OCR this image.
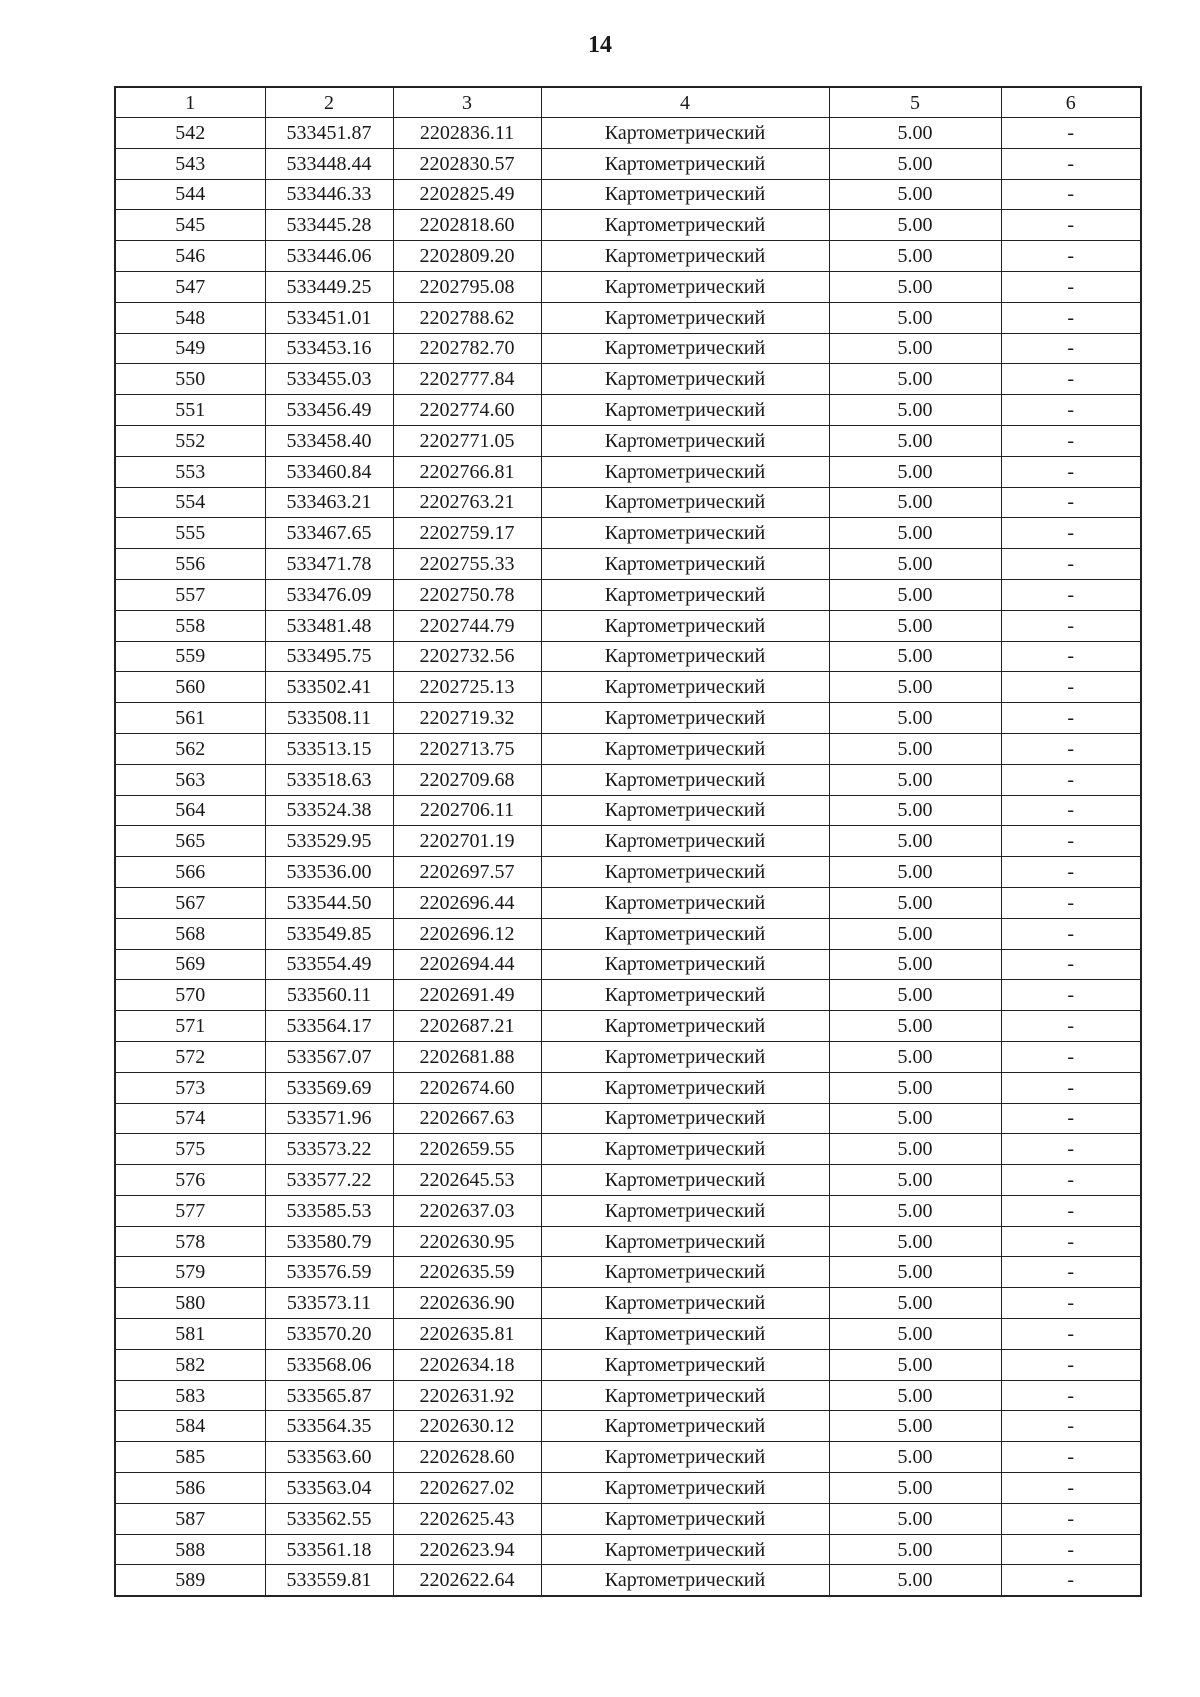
14
1	2	3	4	5	6
542	533451.87	2202836.11	Картометрический	5.00	-
543	533448.44	2202830.57	Картометрический	5.00	-
544	533446.33	2202825.49	Картометрический	5.00	-
545	533445.28	2202818.60	Картометрический	5.00	-
546	533446.06	2202809.20	Картометрический	5.00	-
547	533449.25	2202795.08	Картометрический	5.00	-
548	533451.01	2202788.62	Картометрический	5.00	-
549	533453.16	2202782.70	Картометрический	5.00	-
550	533455.03	2202777.84	Картометрический	5.00	-
551	533456.49	2202774.60	Картометрический	5.00	-
552	533458.40	2202771.05	Картометрический	5.00	-
553	533460.84	2202766.81	Картометрический	5.00	-
554	533463.21	2202763.21	Картометрический	5.00	-
555	533467.65	2202759.17	Картометрический	5.00	-
556	533471.78	2202755.33	Картометрический	5.00	-
557	533476.09	2202750.78	Картометрический	5.00	-
558	533481.48	2202744.79	Картометрический	5.00	-
559	533495.75	2202732.56	Картометрический	5.00	-
560	533502.41	2202725.13	Картометрический	5.00	-
561	533508.11	2202719.32	Картометрический	5.00	-
562	533513.15	2202713.75	Картометрический	5.00	-
563	533518.63	2202709.68	Картометрический	5.00	-
564	533524.38	2202706.11	Картометрический	5.00	-
565	533529.95	2202701.19	Картометрический	5.00	-
566	533536.00	2202697.57	Картометрический	5.00	-
567	533544.50	2202696.44	Картометрический	5.00	-
568	533549.85	2202696.12	Картометрический	5.00	-
569	533554.49	2202694.44	Картометрический	5.00	-
570	533560.11	2202691.49	Картометрический	5.00	-
571	533564.17	2202687.21	Картометрический	5.00	-
572	533567.07	2202681.88	Картометрический	5.00	-
573	533569.69	2202674.60	Картометрический	5.00	-
574	533571.96	2202667.63	Картометрический	5.00	-
575	533573.22	2202659.55	Картометрический	5.00	-
576	533577.22	2202645.53	Картометрический	5.00	-
577	533585.53	2202637.03	Картометрический	5.00	-
578	533580.79	2202630.95	Картометрический	5.00	-
579	533576.59	2202635.59	Картометрический	5.00	-
580	533573.11	2202636.90	Картометрический	5.00	-
581	533570.20	2202635.81	Картометрический	5.00	-
582	533568.06	2202634.18	Картометрический	5.00	-
583	533565.87	2202631.92	Картометрический	5.00	-
584	533564.35	2202630.12	Картометрический	5.00	-
585	533563.60	2202628.60	Картометрический	5.00	-
586	533563.04	2202627.02	Картометрический	5.00	-
587	533562.55	2202625.43	Картометрический	5.00	-
588	533561.18	2202623.94	Картометрический	5.00	-
589	533559.81	2202622.64	Картометрический	5.00	-
